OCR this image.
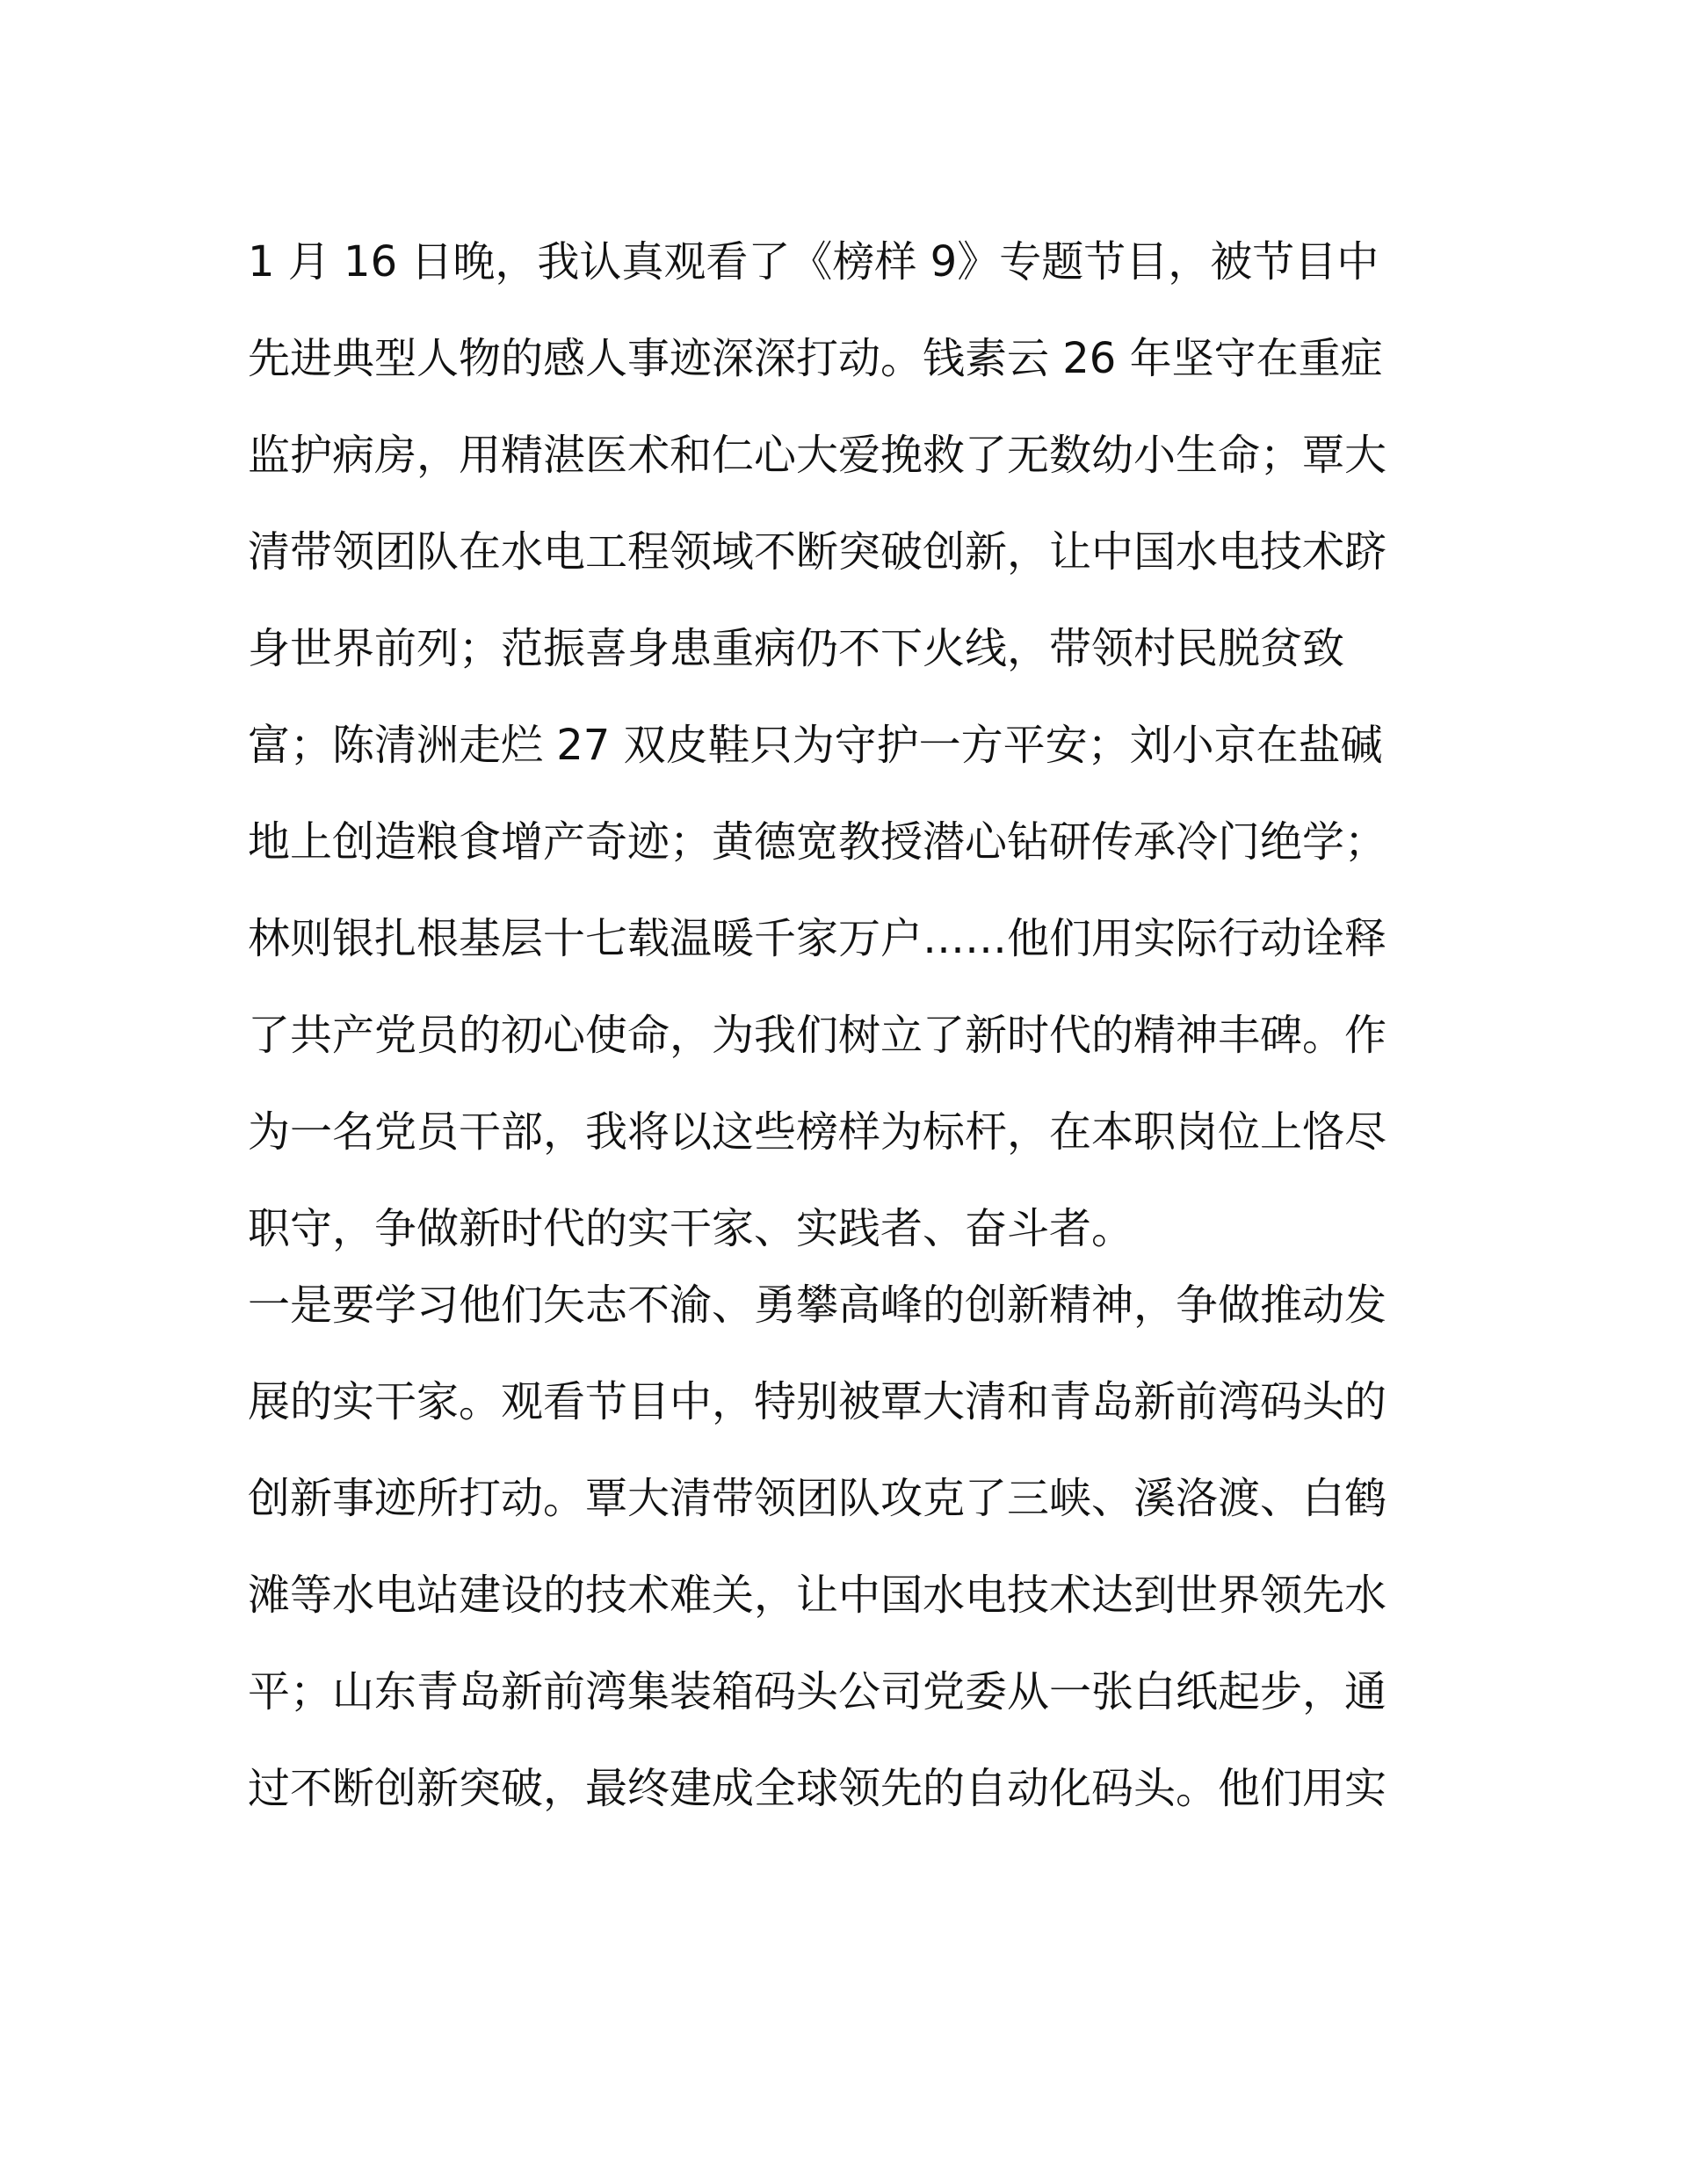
1 月 16 日晚，我认真观看了《榜样 9》专题节目，被节目中
先进典型人物的感人事迹深深打动。钱素云 26 年坚守在重症
监护病房，用精湛医术和仁心大爱挽救了无数幼小生命；覃大
清带领团队在水电工程领域不断突破创新，让中国水电技术跻
身世界前列；范振喜身患重病仍不下火线，带领村民脱贫致
富；陈清洲走烂 27 双皮鞋只为守护一方平安；刘小京在盐碱
地上创造粮食增产奇迹；黄德宽教授潜心钻研传承冷门绝学；
林则银扎根基层十七载温暖千家万户……他们用实际行动诠释
了共产党员的初心使命，为我们树立了新时代的精神丰碑。作
为一名党员干部，我将以这些榜样为标杆，在本职岗位上恪尽
职守，争做新时代的实干家、实践者、奋斗者。
一是要学习他们矢志不渝、勇攀高峰的创新精神，争做推动发
展的实干家。观看节目中，特别被覃大清和青岛新前湾码头的
创新事迹所打动。覃大清带领团队攻克了三峡、溪洛渡、白鹤
滩等水电站建设的技术难关，让中国水电技术达到世界领先水
平；山东青岛新前湾集装箱码头公司党委从一张白纸起步，通
过不断创新突破，最终建成全球领先的自动化码头。他们用实
